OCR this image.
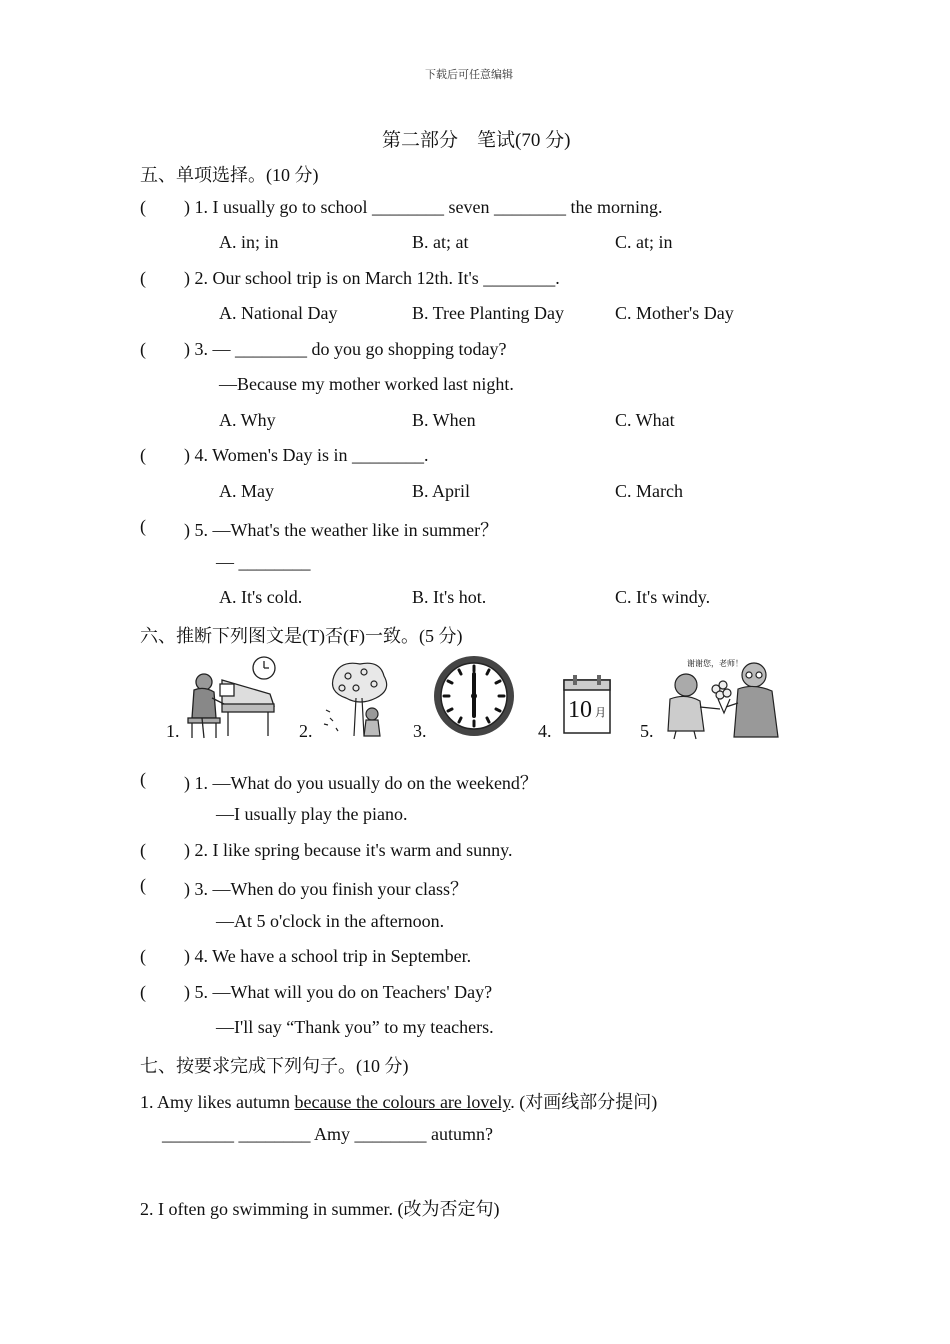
下载后可任意编辑
第二部分　笔试(70 分)
五、单项选择。(10 分)
( ) 1. I usually go to school ________ seven ________ the morning.
A. in; in	B. at; at	C. at; in
( ) 2. Our school trip is on March 12th. It's ________.
A. National Day	B. Tree Planting Day	C. Mother's Day
( ) 3. — ________ do you go shopping today?
—Because my mother worked last night.
A. Why	B. When	C. What
( ) 4. Women's Day is in ________.
A. May	B. April	C. March
( ) 5. —What's the weather like in summer？
— ________
A. It's cold.	B. It's hot.	C. It's windy.
六、推断下列图文是(T)否(F)一致。(5 分)
1.	2.	3.	4.	5.
10 月
谢谢您，老师！
( ) 1. —What do you usually do on the weekend？
—I usually play the piano.
( ) 2. I like spring because it's warm and sunny.
( ) 3. —When do you finish your class？
—At 5 o'clock in the afternoon.
( ) 4. We have a school trip in September.
( ) 5. —What will you do on Teachers' Day?
—I'll say “Thank you” to my teachers.
七、按要求完成下列句子。(10 分)
1. Amy likes autumn because the colours are lovely. (对画线部分提问)
________ ________ Amy ________ autumn?
2. I often go swimming in summer. (改为否定句)
